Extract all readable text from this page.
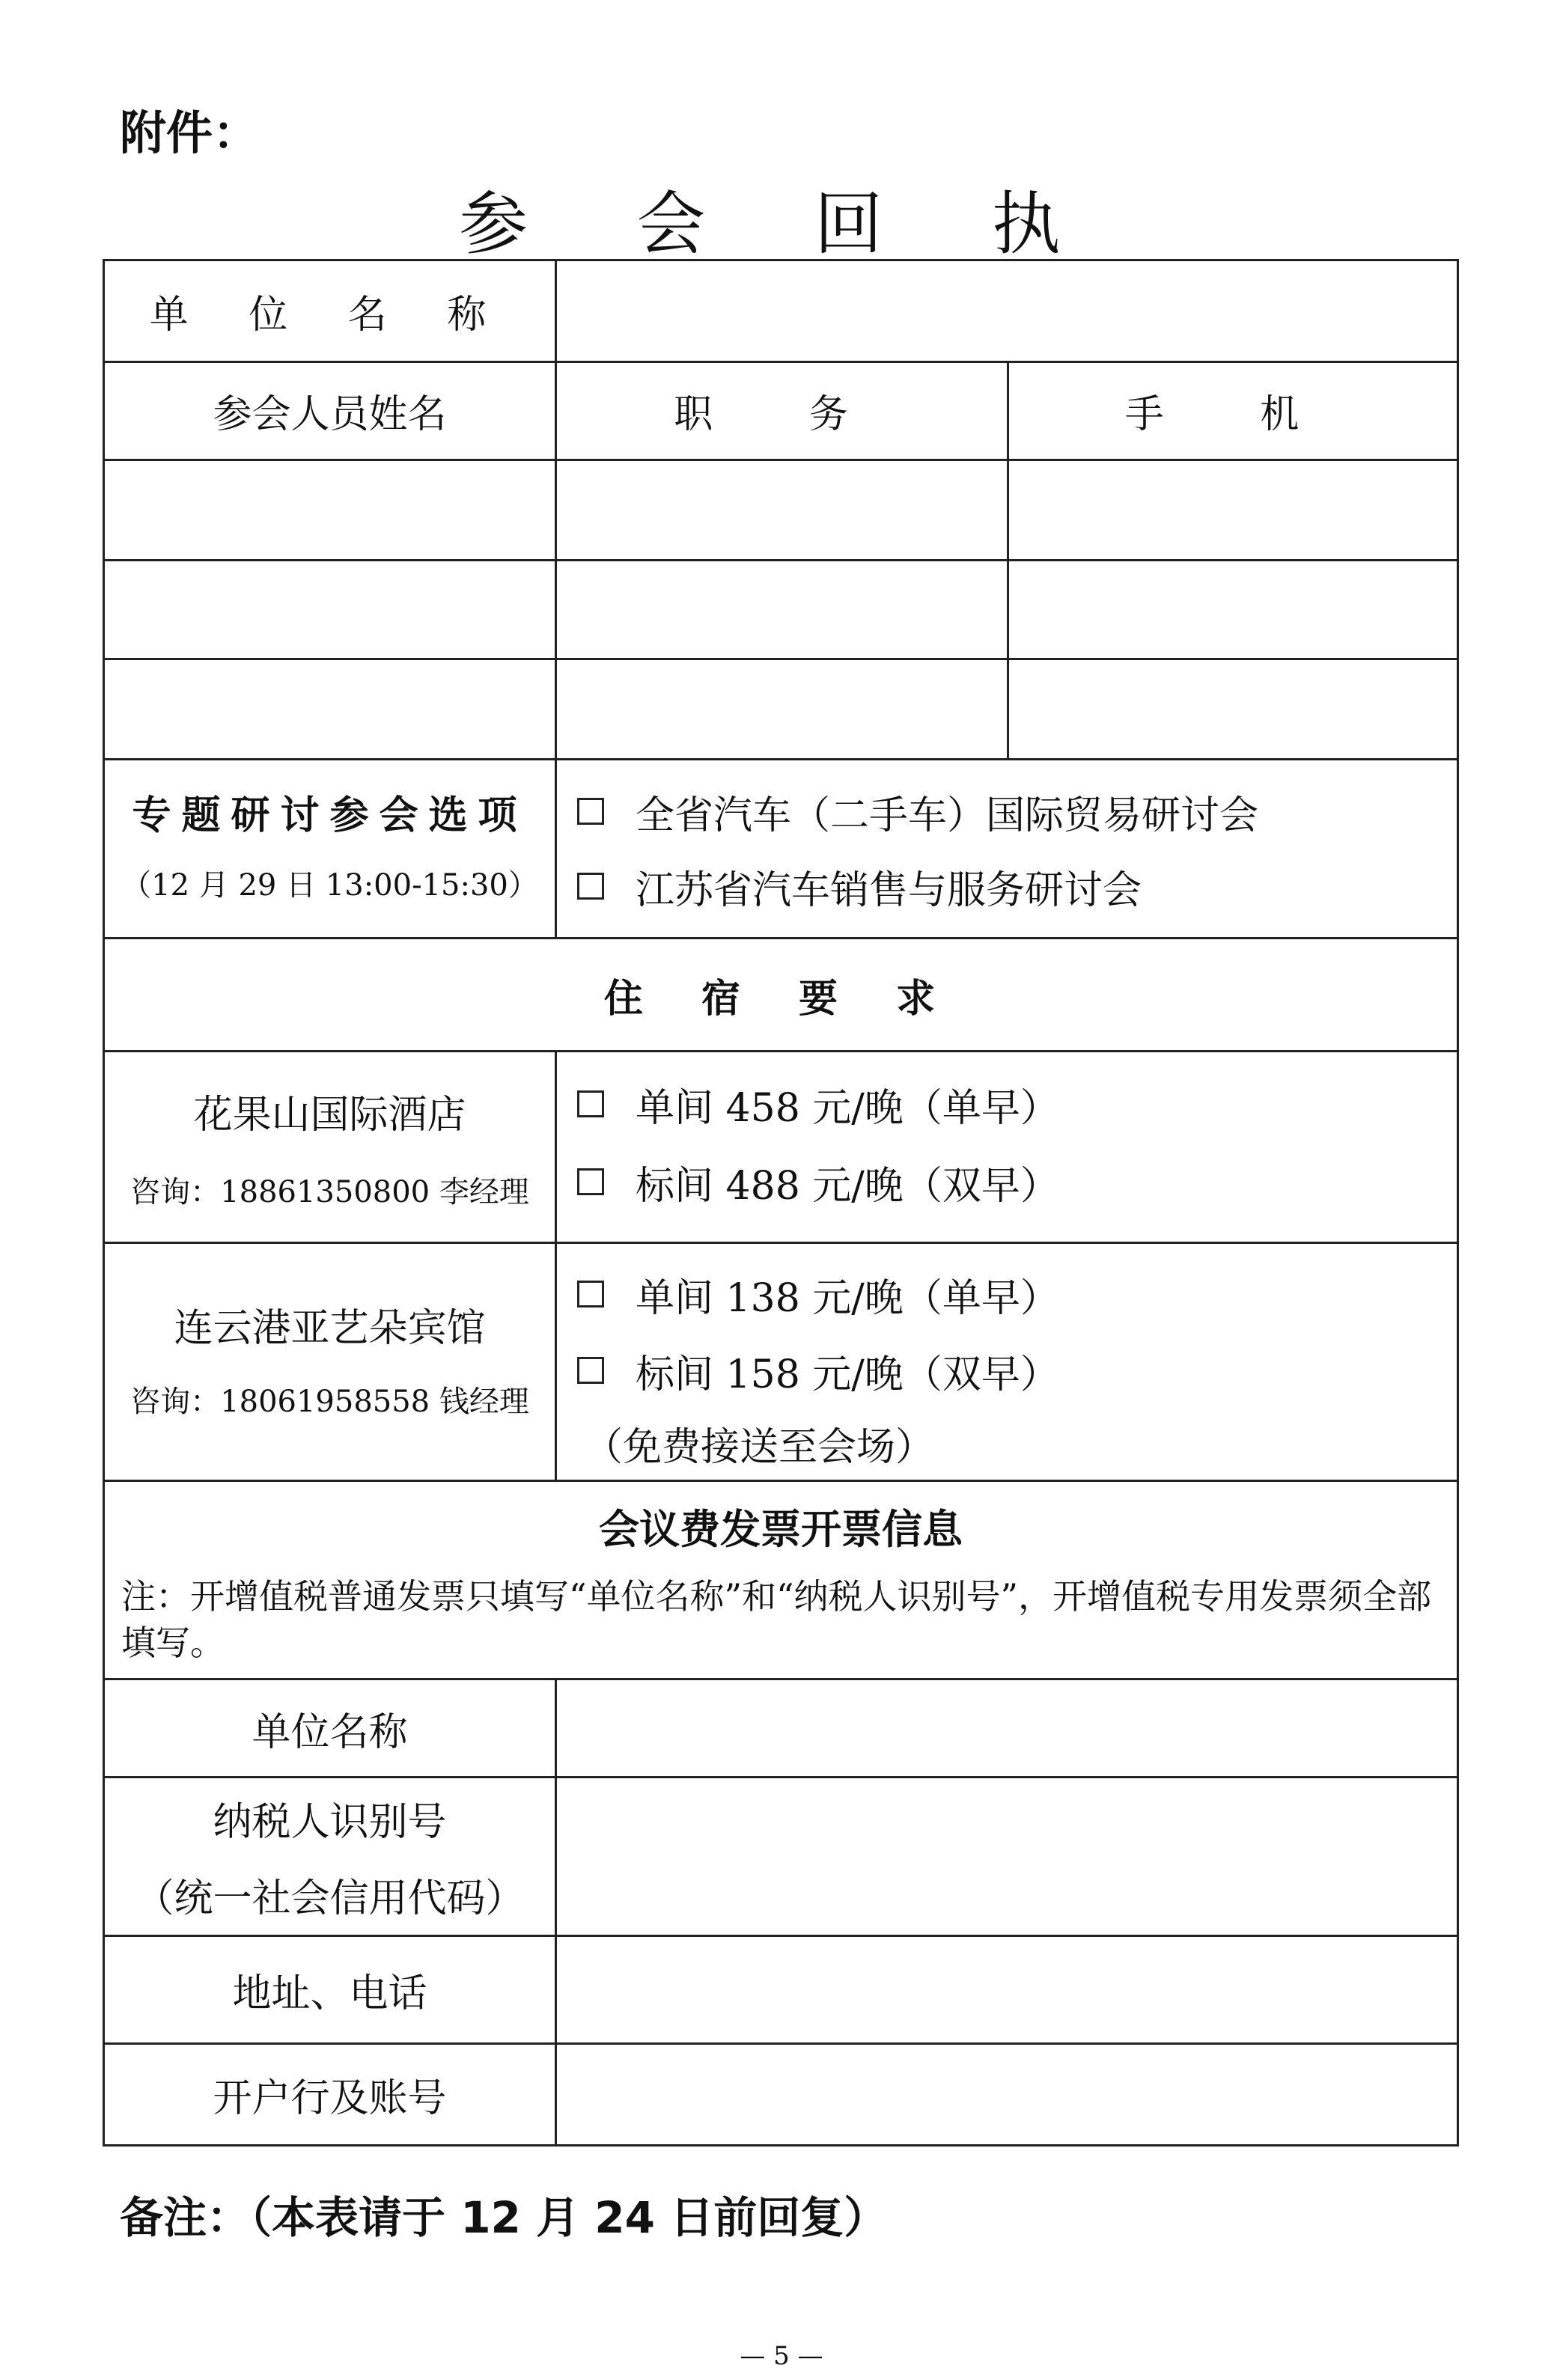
附件：
参 会 回 执
单 位 名 称
参会人员姓名	职 务	手 机
专题研讨参会选项
（12 月 29 日 13:00-15:30）
全省汽车（二手车）国际贸易研讨会
江苏省汽车销售与服务研讨会
住 宿 要 求
花果山国际酒店
咨询：18861350800 李经理
单间 458 元/晚（单早）
标间 488 元/晚（双早）
连云港亚艺朵宾馆
咨询：18061958558 钱经理
单间 138 元/晚（单早）
标间 158 元/晚（双早）
（免费接送至会场）
会议费发票开票信息
单位名称
纳税人识别号
（统一社会信用代码）
地址、电话
开户行及账号
注：开增值税普通发票只填写“单位名称”和“纳税人识别号”，开增值税专用发票须全部填写。
备注：（本表请于 12 月 24 日前回复）
— 5 —
